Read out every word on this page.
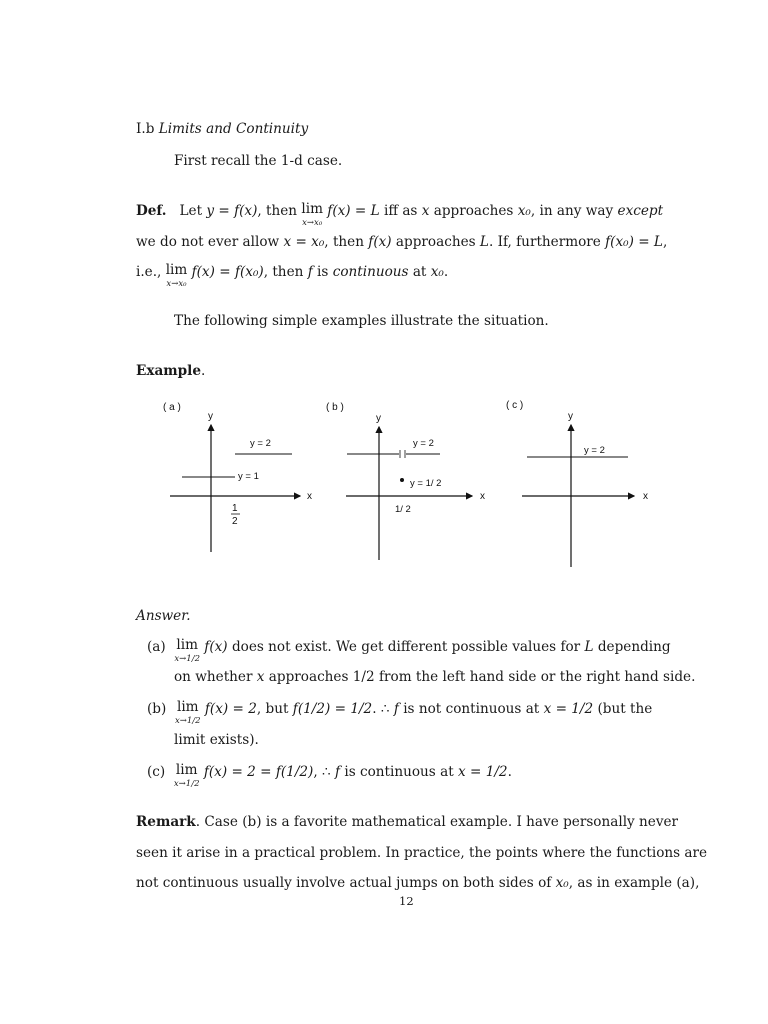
I.b Limits and Continuity
First recall the 1-d case.
Def. Let y = f(x), then lim
x→x₀
f(x) = L iff as x approaches x₀, in any way except
we do not ever allow x = x₀, then f(x) approaches L. If, furthermore f(x₀) = L,
i.e., lim
x→x₀
f(x) = f(x₀), then f is continuous at x₀.
The following simple examples illustrate the situation.
Example.
( a )
y
x
y = 2
y = 1
1
2
( b )
y
x
y = 2
y = 1/ 2
1/ 2
( c )
y
x
y = 2
Answer.
(a) lim
x→1/2
f(x) does not exist. We get different possible values for L depending
on whether x approaches 1/2 from the left hand side or the right hand side.
(b) lim
x→1/2
f(x) = 2, but f(1/2) = 1/2. ∴ f is not continuous at x = 1/2 (but the
limit exists).
(c) lim
x→1/2
f(x) = 2 = f(1/2), ∴ f is continuous at x = 1/2.
Remark. Case (b) is a favorite mathematical example. I have personally never
seen it arise in a practical problem. In practice, the points where the functions are
not continuous usually involve actual jumps on both sides of x₀, as in example (a),
12
